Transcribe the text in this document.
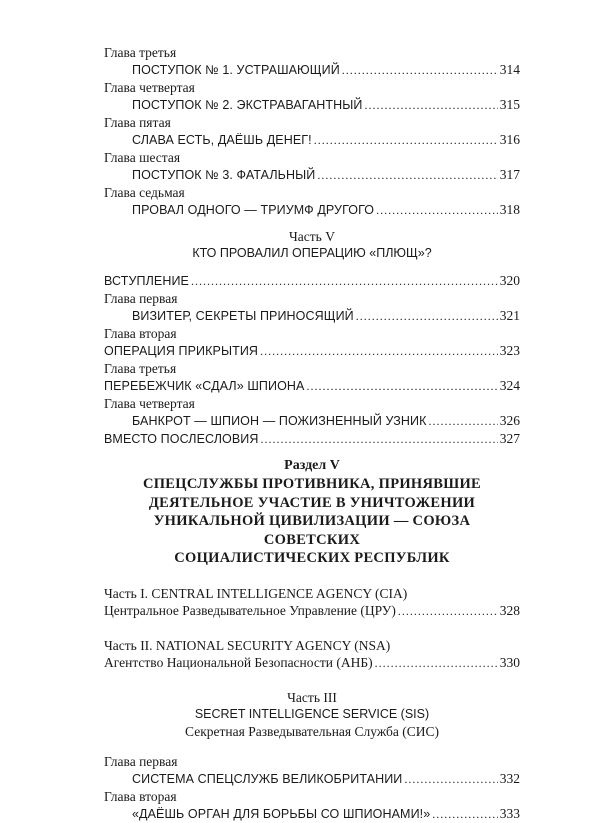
Глава третья
ПОСТУПОК № 1. УСТРАШАЮЩИЙ .....	314
Глава четвертая
ПОСТУПОК № 2. ЭКСТРАВАГАНТНЫЙ .....	315
Глава пятая
СЛАВА ЕСТЬ, ДАЁШЬ ДЕНЕГ! .....	316
Глава шестая
ПОСТУПОК № 3. ФАТАЛЬНЫЙ .....	317
Глава седьмая
ПРОВАЛ ОДНОГО — ТРИУМФ ДРУГОГО .....	318
Часть V
КТО ПРОВАЛИЛ ОПЕРАЦИЮ «ПЛЮЩ»?
ВСТУПЛЕНИЕ .....	320
Глава первая
ВИЗИТЕР, СЕКРЕТЫ ПРИНОСЯЩИЙ .....	321
Глава вторая
ОПЕРАЦИЯ ПРИКРЫТИЯ .....	323
Глава третья
ПЕРЕБЕЖЧИК «СДАЛ» ШПИОНА .....	324
Глава четвертая
БАНКРОТ — ШПИОН — ПОЖИЗНЕННЫЙ УЗНИК .....	326
ВМЕСТО ПОСЛЕСЛОВИЯ .....	327
Раздел V
СПЕЦСЛУЖБЫ ПРОТИВНИКА, ПРИНЯВШИЕ
ДЕЯТЕЛЬНОЕ УЧАСТИЕ В УНИЧТОЖЕНИИ
УНИКАЛЬНОЙ ЦИВИЛИЗАЦИИ — СОЮЗА СОВЕТСКИХ
СОЦИАЛИСТИЧЕСКИХ РЕСПУБЛИК
Часть I. CENTRAL INTELLIGENCE AGENCY (CIA)
Центральное Разведывательное Управление (ЦРУ) .....	328
Часть II. NATIONAL SECURITY AGENCY (NSA)
Агентство Национальной Безопасности (АНБ) .....	330
Часть III
SECRET INTELLIGENCE SERVICE (SIS)
Секретная Разведывательная Служба (СИС)
Глава первая
СИСТЕМА СПЕЦСЛУЖБ ВЕЛИКОБРИТАНИИ .....	332
Глава вторая
«ДАЁШЬ ОРГАН ДЛЯ БОРЬБЫ СО ШПИОНАМИ!» .....	333
